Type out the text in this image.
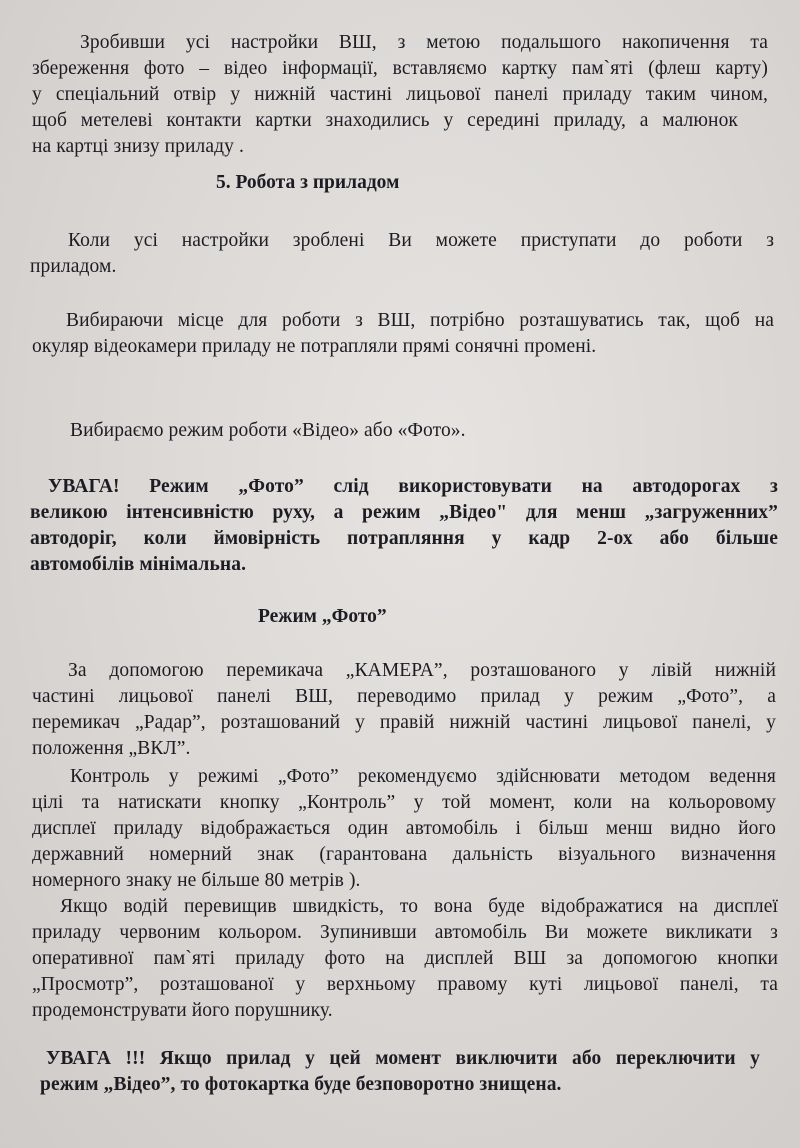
Зробивши усі настройки ВШ, з метою подальшого накопичення та
збереження фото – відео інформації, вставляємо картку пам`яті (флеш карту)
у спеціальний отвір у нижній частині лицьової панелі приладу таким чином,
щоб метелеві контакти картки знаходились у середині приладу, а малюнок
на картці знизу приладу .
5. Робота з приладом
Коли усі настройки зроблені Ви можете приступати до роботи з
приладом.
Вибираючи місце для роботи з ВШ, потрібно розташуватись так, щоб на
окуляр відеокамери приладу не потрапляли прямі сонячні промені.
Вибираємо режим роботи «Відео» або «Фото».
УВАГА! Режим „Фото” слід використовувати на автодорогах з
великою інтенсивністю руху, а режим „Відео" для менш „загруженних”
автодоріг, коли ймовірність потрапляння у кадр 2-ох або більше
автомобілів мінімальна.
Режим „Фото”
За допомогою перемикача „КАМЕРА”, розташованого у лівій нижній
частині лицьової панелі ВШ, переводимо прилад у режим „Фото”, а
перемикач „Радар”, розташований у правій нижній частині лицьової панелі, у
положення „ВКЛ”.
Контроль у режимі „Фото” рекомендуємо здійснювати методом ведення
цілі та натискати кнопку „Контроль” у той момент, коли на кольоровому
дисплеї приладу відображається один автомобіль і більш менш видно його
державний номерний знак (гарантована дальність візуального визначення
номерного знаку не більше 80 метрів ).
Якщо водій перевищив швидкість, то вона буде відображатися на дисплеї
приладу червоним кольором. Зупинивши автомобіль Ви можете викликати з
оперативної пам`яті приладу фото на дисплей ВШ за допомогою кнопки
„Просмотр”, розташованої у верхньому правому куті лицьової панелі, та
продемонструвати його порушнику.
УВАГА !!! Якщо прилад у цей момент виключити або переключити у
режим „Відео”, то фотокартка буде безповоротно знищена.
